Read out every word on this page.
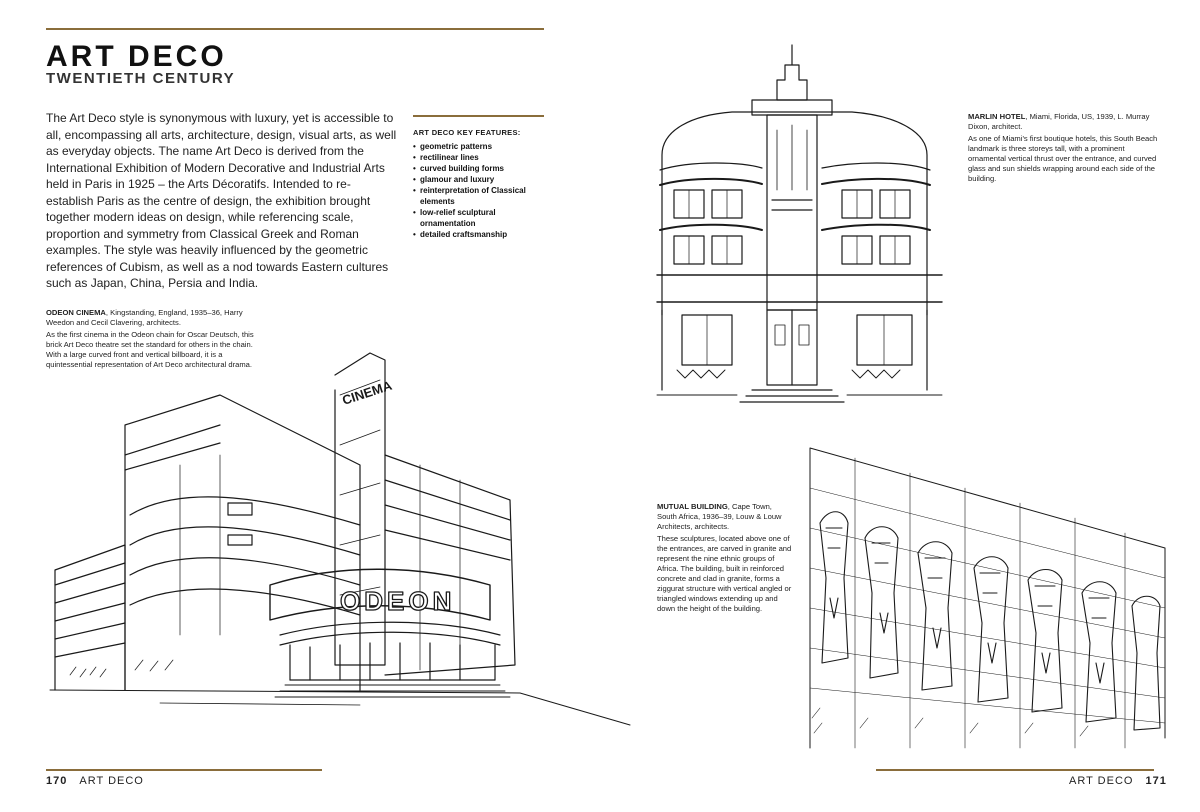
ART DECO
TWENTIETH CENTURY

The Art Deco style is synonymous with luxury, yet is accessible to all, encompassing all arts, architecture, design, visual arts, as well as everyday objects. The name Art Deco is derived from the International Exhibition of Modern Decorative and Industrial Arts held in Paris in 1925 – the Arts Décoratifs. Intended to re-establish Paris as the centre of design, the exhibition brought together modern ideas on design, while referencing scale, proportion and symmetry from Classical Greek and Roman examples. The style was heavily influenced by the geometric references of Cubism, as well as a nod towards Eastern cultures such as Japan, China, Persia and India.

ART DECO KEY FEATURES:
• geometric patterns
• rectilinear lines
• curved building forms
• glamour and luxury
• reinterpretation of Classical elements
• low-relief sculptural ornamentation
• detailed craftsmanship

ODEON CINEMA, Kingstanding, England, 1935–36, Harry Weedon and Cecil Clavering, architects.

As the first cinema in the Odeon chain for Oscar Deutsch, this brick Art Deco theatre set the standard for others in the chain. With a large curved front and vertical billboard, it is a quintessential representation of Art Deco architectural drama.

CINEMA
ODEON
170 ART DECO

MARLIN HOTEL, Miami, Florida, US, 1939, L. Murray Dixon, architect.

As one of Miami's first boutique hotels, this South Beach landmark is three storeys tall, with a prominent ornamental vertical thrust over the entrance, and curved glass and sun shields wrapping around each side of the building.

MUTUAL BUILDING, Cape Town, South Africa, 1936–39, Louw & Louw Architects, architects.

These sculptures, located above one of the entrances, are carved in granite and represent the nine ethnic groups of Africa. The building, built in reinforced concrete and clad in granite, forms a ziggurat structure with vertical angled or triangled windows extending up and down the height of the building.

ART DECO 171
